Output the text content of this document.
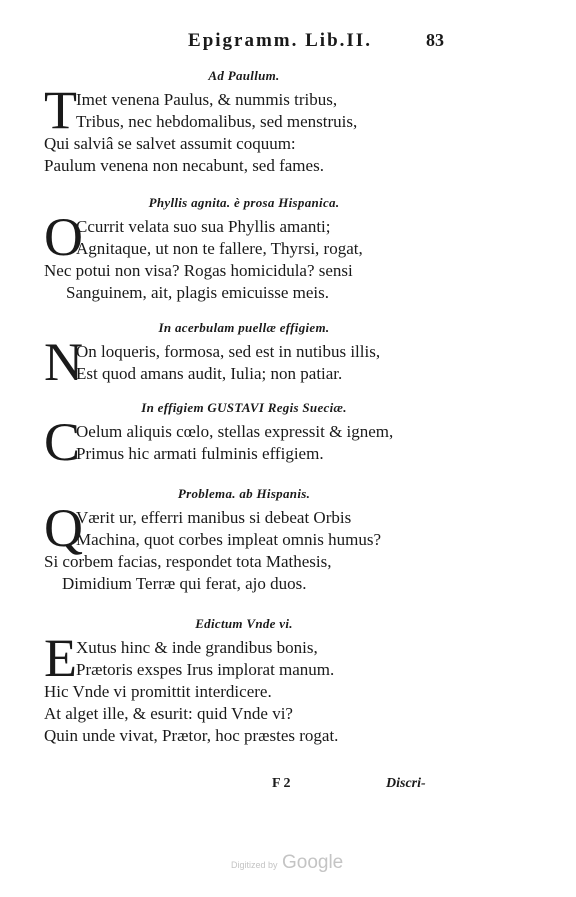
Epigramm. Lib.II.	83
Ad Paullum.
T Imet venena Paulus, & nummis tribus,
Tribus, nec hebdomalibus, sed menstruis,
Qui salviâ se salvet assumit coquum:
Paulum venena non necabunt, sed fames.
Phyllis agnita. è prosa Hispanica.
O
Ccurrit velata suo sua Phyllis amanti;
Agnitaque, ut non te fallere, Thyrsi, rogat,
Nec potui non visa? Rogas homicidula? sensi
Sanguinem, ait, plagis emicuisse meis.
In acerbulam puellæ effigiem.
N
On loqueris, formosa, sed est in nutibus illis,
Est quod amans audit, Iulia; non patiar.
In effigiem GUSTAVI Regis Sueciæ.
C
Oelum aliquis cœlo, stellas expressit & ignem,
Primus hic armati fulminis effigiem.
Problema. ab Hispanis.
Q
Værit ur, efferri manibus si debeat Orbis
Machina, quot corbes impleat omnis humus?
Si corbem facias, respondet tota Mathesis,
Dimidium Terræ qui ferat, ajo duos.
Edictum Vnde vi.
E Xutus hinc & inde grandibus bonis,
Prætoris exspes Irus implorat manum.
Hic Vnde vi promittit interdicere.
At alget ille, & esurit: quid Vnde vi?
Quin unde vivat, Prætor, hoc præstes rogat.
F 2	Discri-
Digitized by Google
